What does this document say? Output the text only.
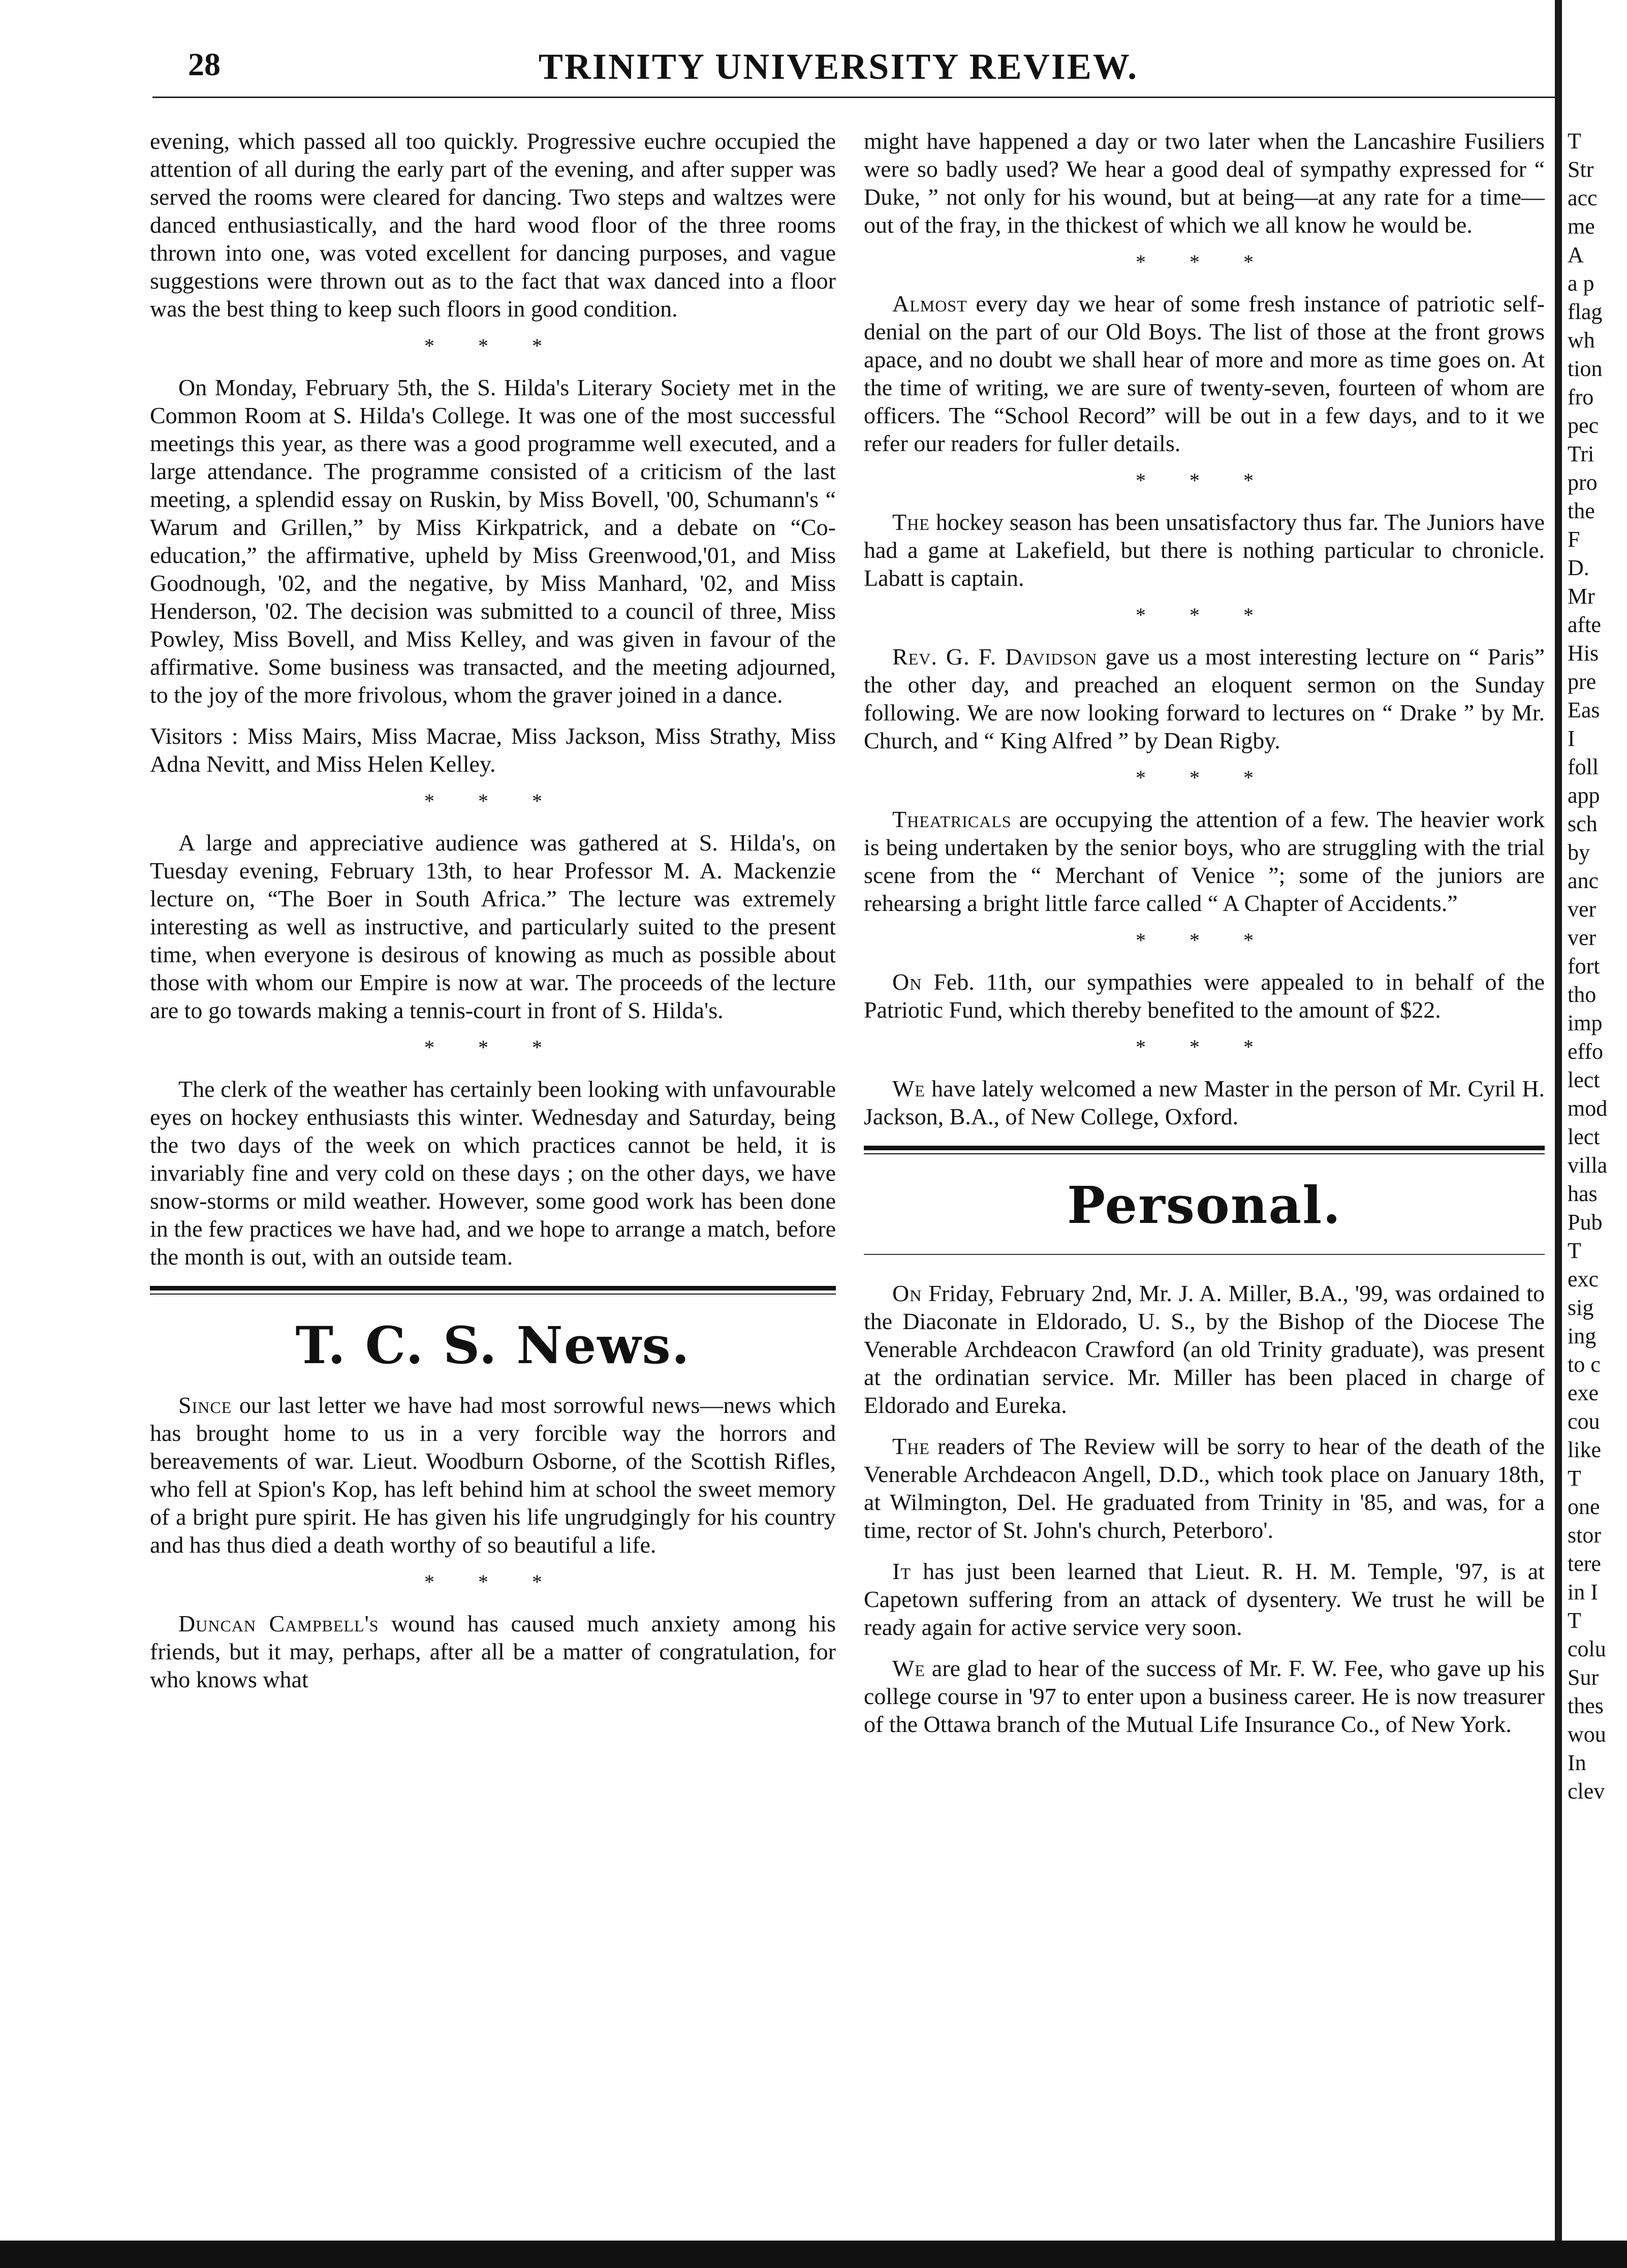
28	TRINITY UNIVERSITY REVIEW.

evening, which passed all too quickly. Progressive euchre occupied the attention of all during the early part of the evening, and after supper was served the rooms were cleared for dancing. Two steps and waltzes were danced enthusiastically, and the hard wood floor of the three rooms thrown into one, was voted excellent for dancing purposes, and vague suggestions were thrown out as to the fact that wax danced into a floor was the best thing to keep such floors in good condition.

* * *

On Monday, February 5th, the S. Hilda's Literary Society met in the Common Room at S. Hilda's College. It was one of the most successful meetings this year, as there was a good programme well executed, and a large attendance. The programme consisted of a criticism of the last meeting, a splendid essay on Ruskin, by Miss Bovell, '00, Schumann's “ Warum and Grillen,” by Miss Kirkpatrick, and a debate on “Co-education,” the affirmative, upheld by Miss Greenwood,'01, and Miss Goodnough, '02, and the negative, by Miss Manhard, '02, and Miss Henderson, '02. The decision was submitted to a council of three, Miss Powley, Miss Bovell, and Miss Kelley, and was given in favour of the affirmative. Some business was transacted, and the meeting adjourned, to the joy of the more frivolous, whom the graver joined in a dance.

Visitors : Miss Mairs, Miss Macrae, Miss Jackson, Miss Strathy, Miss Adna Nevitt, and Miss Helen Kelley.

* * *

A large and appreciative audience was gathered at S. Hilda's, on Tuesday evening, February 13th, to hear Professor M. A. Mackenzie lecture on, “The Boer in South Africa.” The lecture was extremely interesting as well as instructive, and particularly suited to the present time, when everyone is desirous of knowing as much as possible about those with whom our Empire is now at war. The proceeds of the lecture are to go towards making a tennis-court in front of S. Hilda's.

* * *

The clerk of the weather has certainly been looking with unfavourable eyes on hockey enthusiasts this winter. Wednesday and Saturday, being the two days of the week on which practices cannot be held, it is invariably fine and very cold on these days ; on the other days, we have snow-storms or mild weather. However, some good work has been done in the few practices we have had, and we hope to arrange a match, before the month is out, with an outside team.

T. C. S. News.

Since our last letter we have had most sorrowful news—news which has brought home to us in a very forcible way the horrors and bereavements of war. Lieut. Woodburn Osborne, of the Scottish Rifles, who fell at Spion's Kop, has left behind him at school the sweet memory of a bright pure spirit. He has given his life ungrudgingly for his country and has thus died a death worthy of so beautiful a life.

* * *

Duncan Campbell's wound has caused much anxiety among his friends, but it may, perhaps, after all be a matter of congratulation, for who knows what

might have happened a day or two later when the Lancashire Fusiliers were so badly used? We hear a good deal of sympathy expressed for “ Duke, ” not only for his wound, but at being—at any rate for a time—out of the fray, in the thickest of which we all know he would be.

* * *

Almost every day we hear of some fresh instance of patriotic self-denial on the part of our Old Boys. The list of those at the front grows apace, and no doubt we shall hear of more and more as time goes on. At the time of writing, we are sure of twenty-seven, fourteen of whom are officers. The “School Record” will be out in a few days, and to it we refer our readers for fuller details.

* * *

The hockey season has been unsatisfactory thus far. The Juniors have had a game at Lakefield, but there is nothing particular to chronicle. Labatt is captain.

* * *

Rev. G. F. Davidson gave us a most interesting lecture on “ Paris” the other day, and preached an eloquent sermon on the Sunday following. We are now looking forward to lectures on “ Drake ” by Mr. Church, and “ King Alfred ” by Dean Rigby.

* * *

Theatricals are occupying the attention of a few. The heavier work is being undertaken by the senior boys, who are struggling with the trial scene from the “ Merchant of Venice ”; some of the juniors are rehearsing a bright little farce called “ A Chapter of Accidents.”

* * *

On Feb. 11th, our sympathies were appealed to in behalf of the Patriotic Fund, which thereby benefited to the amount of $22.

* * *

We have lately welcomed a new Master in the person of Mr. Cyril H. Jackson, B.A., of New College, Oxford.

Personal.

On Friday, February 2nd, Mr. J. A. Miller, B.A., '99, was ordained to the Diaconate in Eldorado, U. S., by the Bishop of the Diocese The Venerable Archdeacon Crawford (an old Trinity graduate), was present at the ordinatian service. Mr. Miller has been placed in charge of Eldorado and Eureka.

The readers of The Review will be sorry to hear of the death of the Venerable Archdeacon Angell, D.D., which took place on January 18th, at Wilmington, Del. He graduated from Trinity in '85, and was, for a time, rector of St. John's church, Peterboro'.

It has just been learned that Lieut. R. H. M. Temple, '97, is at Capetown suffering from an attack of dysentery. We trust he will be ready again for active service very soon.

We are glad to hear of the success of Mr. F. W. Fee, who gave up his college course in '97 to enter upon a business career. He is now treasurer of the Ottawa branch of the Mutual Life Insurance Co., of New York.

T
Str
acc
me
A
a p
flag
wh
tion
fro
pec
Tri
pro
the
F
D.
Mr
afte
His
pre
Eas
I
foll
app
sch
by
anc
ver
ver
fort
tho
imp
effo
lect
mod
lect
villa
has
Pub
T
exc
sig
ing
to c
exe
cou
like
T
one
stor
tere
in I
T
colu
Sur
thes
wou
In
clev
